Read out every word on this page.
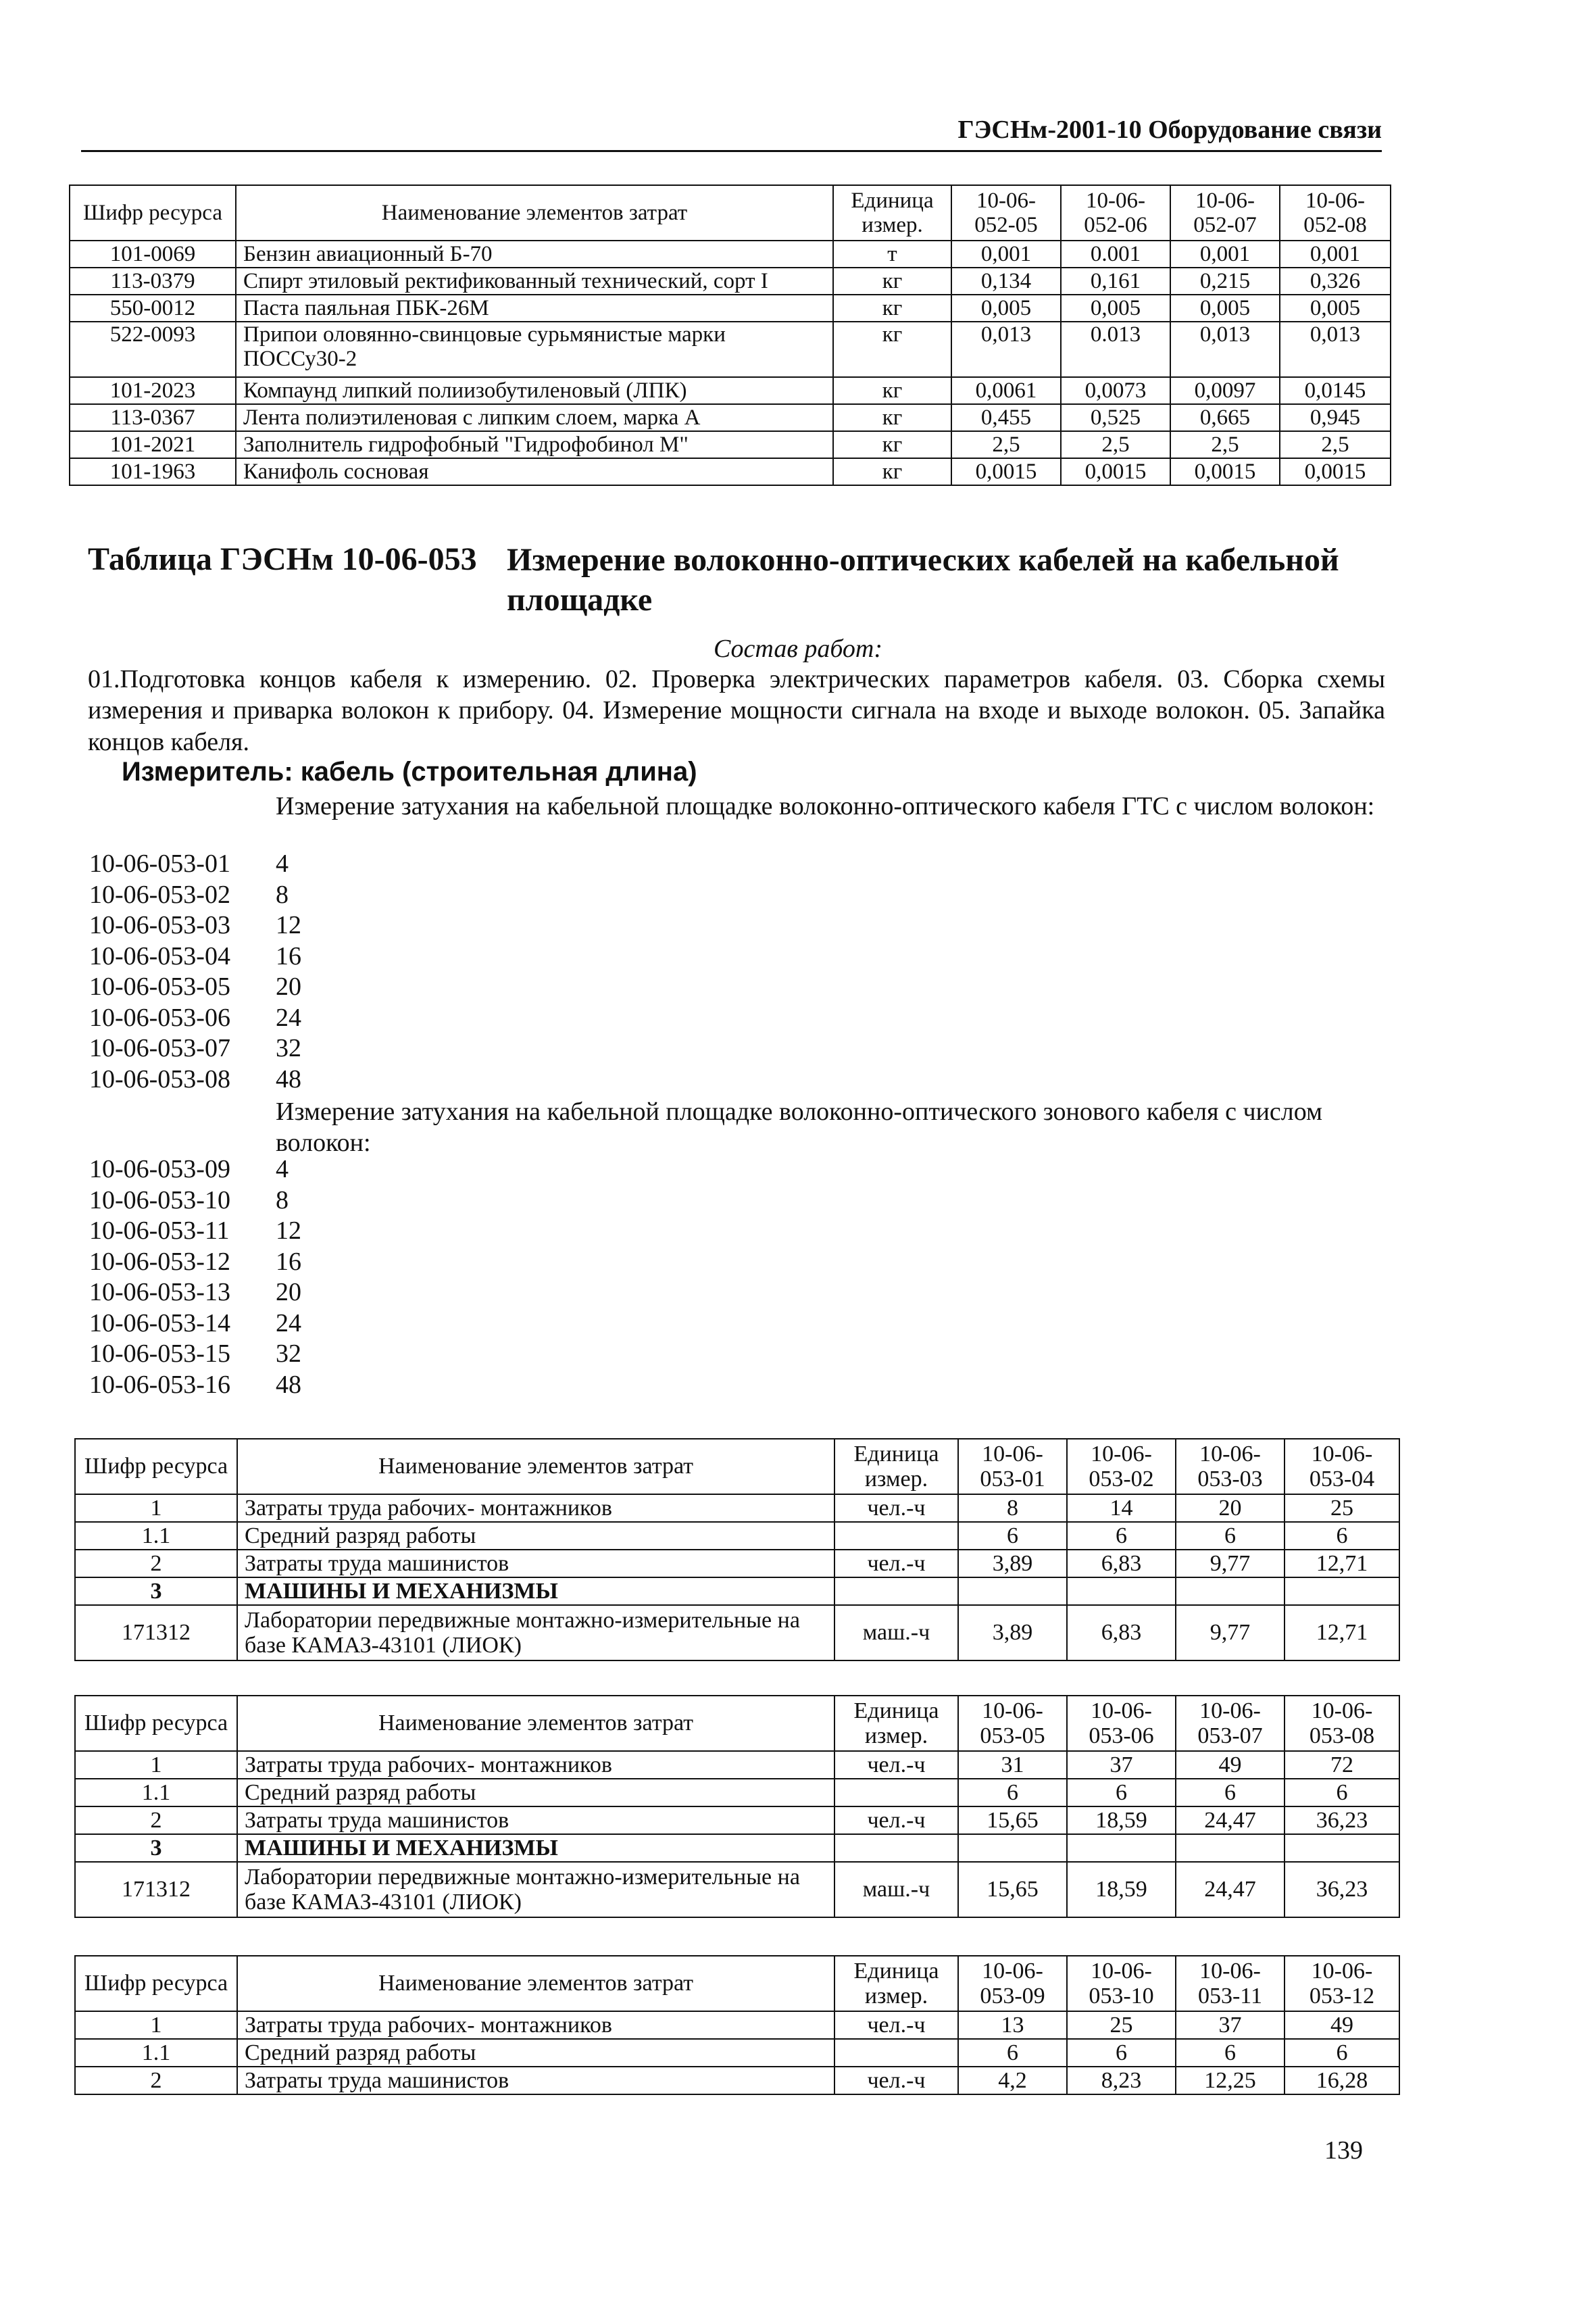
ГЭСНм-2001-10 Оборудование связи
Шифр ресурса	Наименование элементов затрат	Единица измер.	10-06-052-05	10-06-052-06	10-06-052-07	10-06-052-08
101-0069	Бензин авиационный Б-70	т	0,001	0.001	0,001	0,001
113-0379	Спирт этиловый ректификованный технический, сорт I	кг	0,134	0,161	0,215	0,326
550-0012	Паста паяльная ПБК-26М	кг	0,005	0,005	0,005	0,005
522-0093	Припои оловянно-свинцовые сурьмянистые марки ПОССу30-2	кг	0,013	0.013	0,013	0,013
101-2023	Компаунд липкий полиизобутиленовый (ЛПК)	кг	0,0061	0,0073	0,0097	0,0145
113-0367	Лента полиэтиленовая с липким слоем, марка А	кг	0,455	0,525	0,665	0,945
101-2021	Заполнитель гидрофобный "Гидрофобинол М"	кг	2,5	2,5	2,5	2,5
101-1963	Канифоль сосновая	кг	0,0015	0,0015	0,0015	0,0015
Таблица ГЭСНм 10-06-053 Измерение волоконно-оптических кабелей на кабельной площадке
Состав работ:
01.Подготовка концов кабеля к измерению. 02. Проверка электрических параметров кабеля. 03. Сборка схемы измерения и приварка волокон к прибору. 04. Измерение мощности сигнала на входе и выходе волокон. 05. Запайка концов кабеля.
Измеритель: кабель (строительная длина)
Измерение затухания на кабельной площадке волоконно-оптического кабеля ГТС с числом волокон:
10-06-053-01 4
10-06-053-02 8
10-06-053-03 12
10-06-053-04 16
10-06-053-05 20
10-06-053-06 24
10-06-053-07 32
10-06-053-08 48
Измерение затухания на кабельной площадке волоконно-оптического зонового кабеля с числом волокон:
10-06-053-09 4
10-06-053-10 8
10-06-053-11 12
10-06-053-12 16
10-06-053-13 20
10-06-053-14 24
10-06-053-15 32
10-06-053-16 48
Шифр ресурса	Наименование элементов затрат	Единица измер.	10-06-053-01	10-06-053-02	10-06-053-03	10-06-053-04
1	Затраты труда рабочих- монтажников	чел.-ч	8	14	20	25
1.1	Средний разряд работы		6	6	6	6
2	Затраты труда машинистов	чел.-ч	3,89	6,83	9,77	12,71
3	МАШИНЫ И МЕХАНИЗМЫ					
171312	Лаборатории передвижные монтажно-измерительные на базе КАМАЗ-43101 (ЛИОК)	маш.-ч	3,89	6,83	9,77	12,71
Шифр ресурса	Наименование элементов затрат	Единица измер.	10-06-053-05	10-06-053-06	10-06-053-07	10-06-053-08
1	Затраты труда рабочих- монтажников	чел.-ч	31	37	49	72
1.1	Средний разряд работы		6	6	6	6
2	Затраты труда машинистов	чел.-ч	15,65	18,59	24,47	36,23
3	МАШИНЫ И МЕХАНИЗМЫ					
171312	Лаборатории передвижные монтажно-измерительные на базе КАМАЗ-43101 (ЛИОК)	маш.-ч	15,65	18,59	24,47	36,23
Шифр ресурса	Наименование элементов затрат	Единица измер.	10-06-053-09	10-06-053-10	10-06-053-11	10-06-053-12
1	Затраты труда рабочих- монтажников	чел.-ч	13	25	37	49
1.1	Средний разряд работы		6	6	6	6
2	Затраты труда машинистов	чел.-ч	4,2	8,23	12,25	16,28
139
